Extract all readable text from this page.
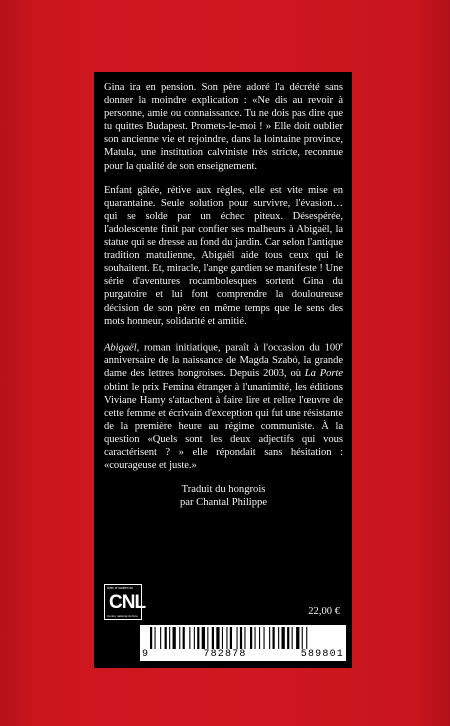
Gina ira en pension. Son père adoré l'a décrété sans donner la moindre explication : «Ne dis au revoir à personne, amie ou connaissance. Tu ne dois pas dire que tu quittes Budapest. Promets-le-moi ! » Elle doit oublier son ancienne vie et rejoindre, dans la lointaine province, Matula, une institution calviniste très stricte, reconnue pour la qualité de son enseignement.

Enfant gâtée, rétive aux règles, elle est vite mise en quarantaine. Seule solution pour survivre, l'évasion… qui se solde par un échec piteux. Désespérée, l'adolescente finit par confier ses malheurs à Abigaël, la statue qui se dresse au fond du jardin. Car selon l'antique tradition matulienne, Abigaël aide tous ceux qui le souhaitent. Et, miracle, l'ange gardien se manifeste ! Une série d'aventures rocambolesques sortent Gina du purgatoire et lui font comprendre la douloureuse décision de son père en même temps que le sens des mots honneur, solidarité et amitié.

Abigaël, roman initiatique, paraît à l'occasion du 100e anniversaire de la naissance de Magda Szabó, la grande dame des lettres hongroises. Depuis 2003, où La Porte obtint le prix Femina étranger à l'unanimité, les éditions Viviane Hamy s'attachent à faire lire et relire l'œuvre de cette femme et écrivain d'exception qui fut une résistante de la première heure au régime communiste. À la question «Quels sont les deux adjectifs qui vous caractérisent ? » elle répondait sans hésitation : «courageuse et juste.»

Traduit du hongrois
par Chantal Philippe
Avec le soutien du
CNL
Centre national du livre	22,00 €
9	782878	589801
